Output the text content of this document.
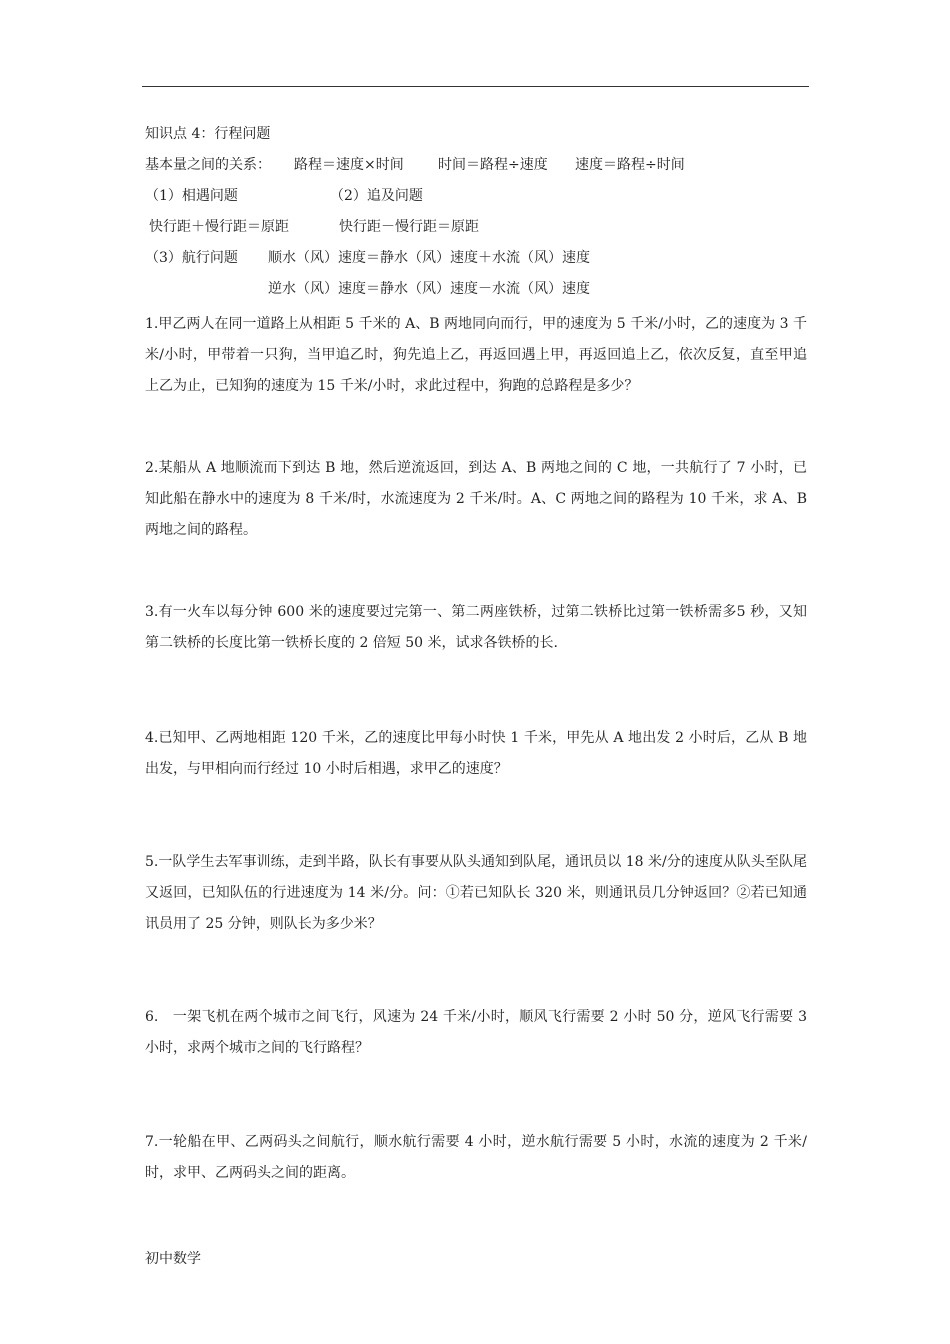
知识点 4：行程问题
基本量之间的关系： 路程＝速度×时间 时间＝路程÷速度 速度＝路程÷时间
（1）相遇问题	（2）追及问题
快行距＋慢行距＝原距	快行距－慢行距＝原距
（3）航行问题 顺水（风）速度＝静水（风）速度＋水流（风）速度
逆水（风）速度＝静水（风）速度－水流（风）速度
1.甲乙两人在同一道路上从相距 5 千米的 A、B 两地同向而行，甲的速度为 5 千米/小时，乙的速度为 3 千米/小时，甲带着一只狗，当甲追乙时，狗先追上乙，再返回遇上甲，再返回追上乙，依次反复，直至甲追上乙为止，已知狗的速度为 15 千米/小时，求此过程中，狗跑的总路程是多少？
2.某船从 A 地顺流而下到达 B 地，然后逆流返回，到达 A、B 两地之间的 C 地，一共航行了 7 小时，已知此船在静水中的速度为 8 千米/时，水流速度为 2 千米/时。A、C 两地之间的路程为 10 千米，求 A、B 两地之间的路程。
3.有一火车以每分钟 600 米的速度要过完第一、第二两座铁桥，过第二铁桥比过第一铁桥需多5 秒，又知第二铁桥的长度比第一铁桥长度的 2 倍短 50 米，试求各铁桥的长.
4.已知甲、乙两地相距 120 千米，乙的速度比甲每小时快 1 千米，甲先从 A 地出发 2 小时后，乙从 B 地出发，与甲相向而行经过 10 小时后相遇，求甲乙的速度？
5.一队学生去军事训练，走到半路，队长有事要从队头通知到队尾，通讯员以 18 米/分的速度从队头至队尾又返回，已知队伍的行进速度为 14 米/分。问：①若已知队长 320 米，则通讯员几分钟返回？②若已知通讯员用了 25 分钟，则队长为多少米？
6.　一架飞机在两个城市之间飞行，风速为 24 千米/小时，顺风飞行需要 2 小时 50 分，逆风飞行需要 3 小时，求两个城市之间的飞行路程？
7.一轮船在甲、乙两码头之间航行，顺水航行需要 4 小时，逆水航行需要 5 小时，水流的速度为 2 千米/时，求甲、乙两码头之间的距离。
初中数学
